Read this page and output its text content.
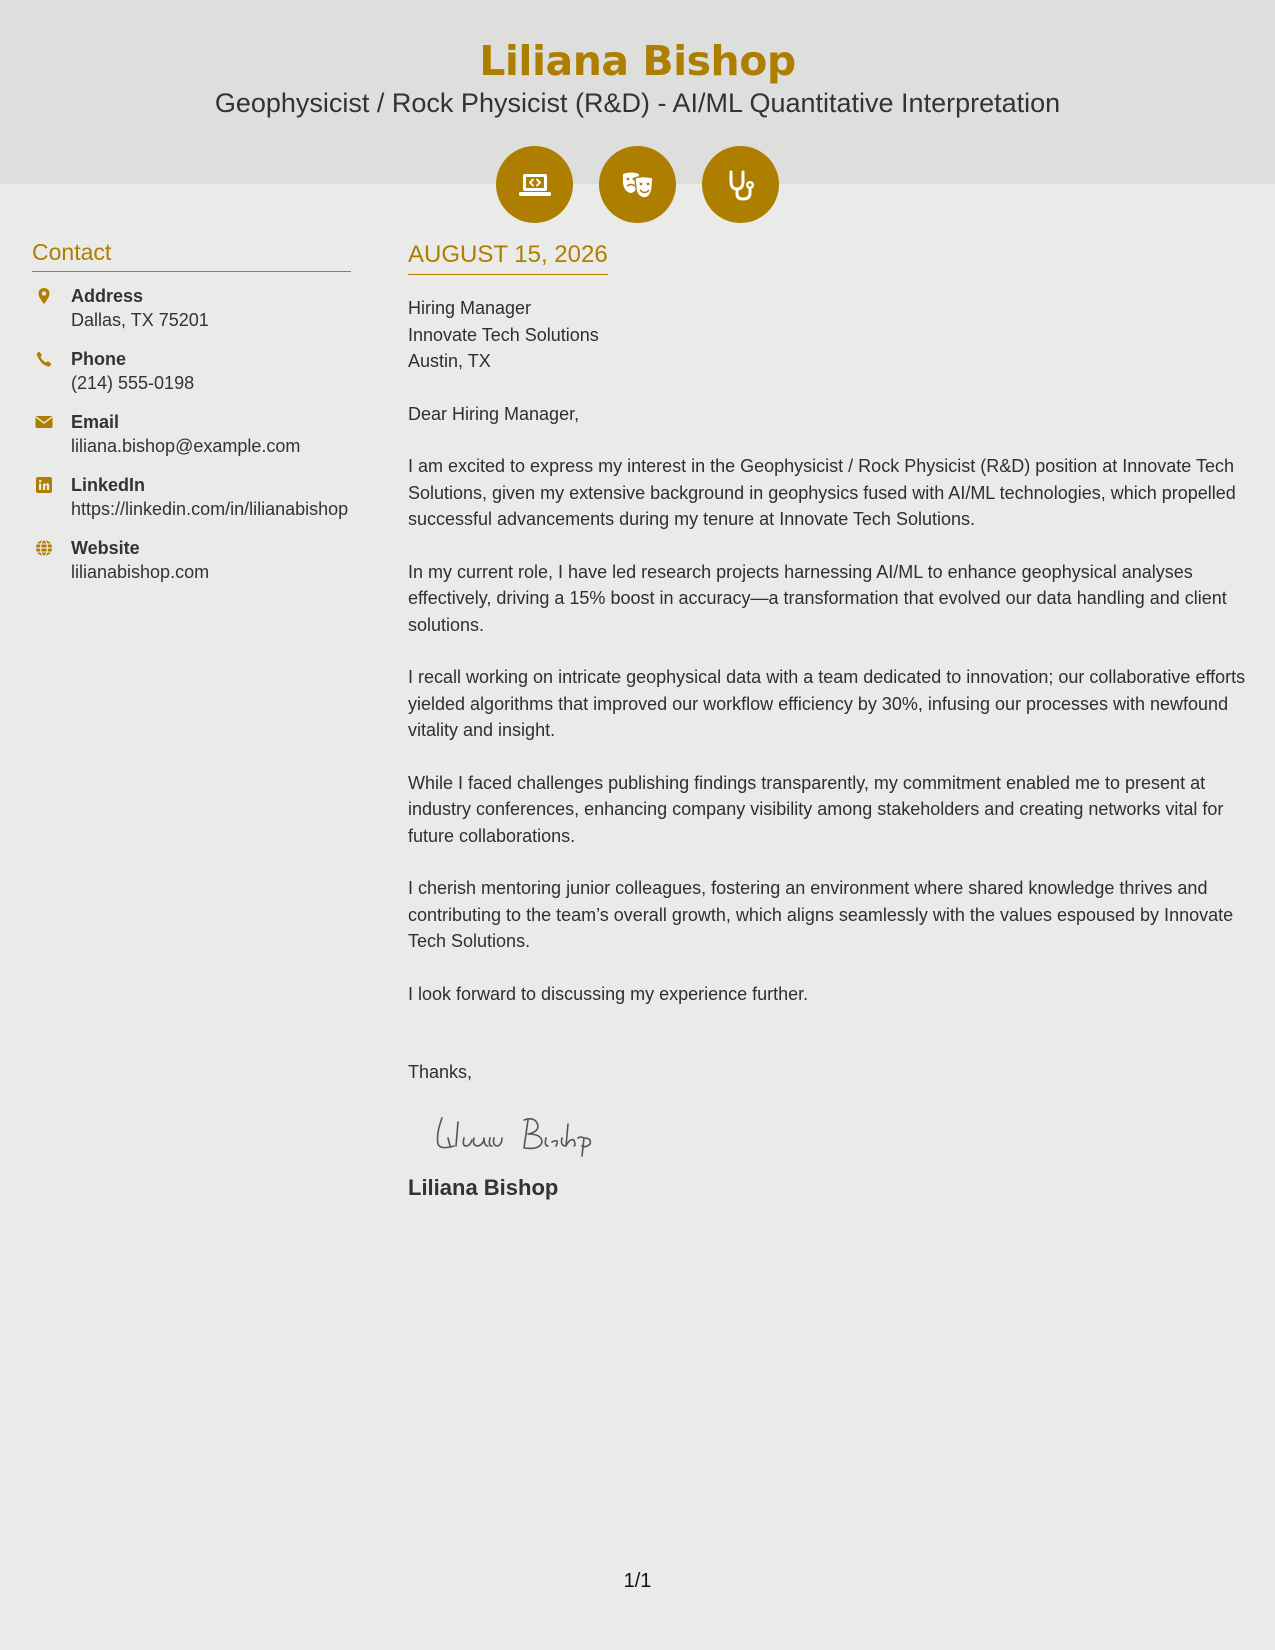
Liliana Bishop
Geophysicist / Rock Physicist (R&D) - AI/ML Quantitative Interpretation
Contact
Address
Dallas, TX 75201
Phone
(214) 555-0198
Email
liliana.bishop@example.com
LinkedIn
https://linkedin.com/in/lilianabishop
Website
lilianabishop.com
AUGUST 15, 2026
Hiring Manager
Innovate Tech Solutions
Austin, TX

Dear Hiring Manager,

I am excited to express my interest in the Geophysicist / Rock Physicist (R&D) position at Innovate Tech Solutions, given my extensive background in geophysics fused with AI/ML technologies, which propelled successful advancements during my tenure at Innovate Tech Solutions.

In my current role, I have led research projects harnessing AI/ML to enhance geophysical analyses effectively, driving a 15% boost in accuracy—a transformation that evolved our data handling and client solutions.

I recall working on intricate geophysical data with a team dedicated to innovation; our collaborative efforts yielded algorithms that improved our workflow efficiency by 30%, infusing our processes with newfound vitality and insight.

While I faced challenges publishing findings transparently, my commitment enabled me to present at industry conferences, enhancing company visibility among stakeholders and creating networks vital for future collaborations.

I cherish mentoring junior colleagues, fostering an environment where shared knowledge thrives and contributing to the team’s overall growth, which aligns seamlessly with the values espoused by Innovate Tech Solutions.

I look forward to discussing my experience further.

Thanks,

Liliana Bishop
1/1
